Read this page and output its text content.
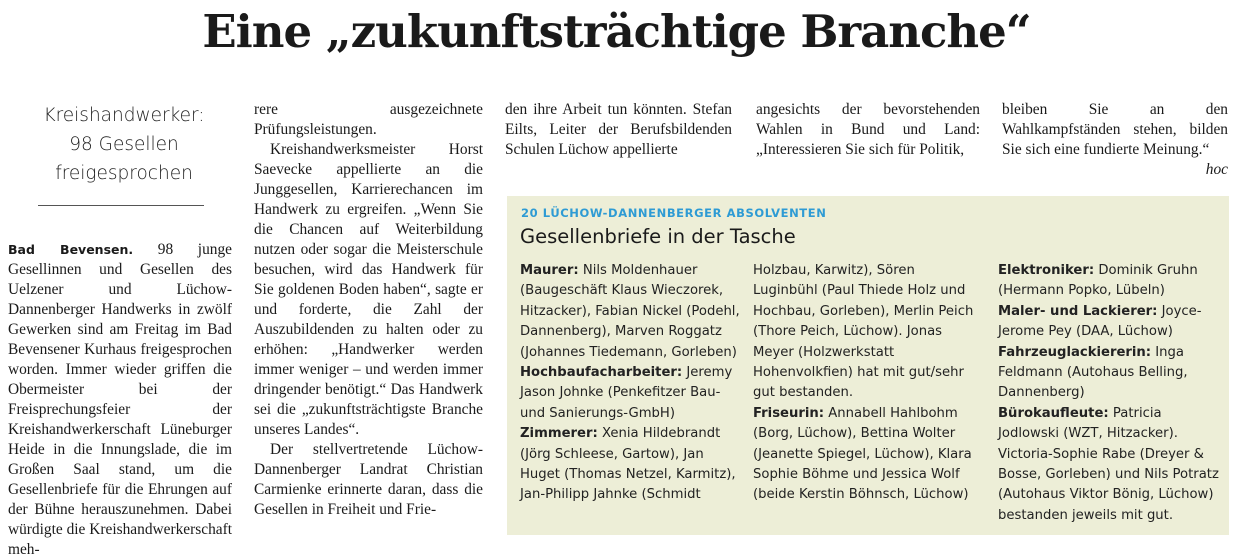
Eine „zukunftsträchtige Branche“
Kreishandwerker:
98 Gesellen
freigesprochen

Bad Bevensen. 98 junge Gesellinnen und Gesellen des Uelzener und Lüchow-Dannenberger Handwerks in zwölf Gewerken sind am Freitag im Bad Bevensener Kurhaus freigesprochen worden. Immer wieder griffen die Obermeister bei der Freisprechungsfeier der Kreishandwerkerschaft Lüneburger Heide in die Innungslade, die im Großen Saal stand, um die Gesellenbriefe für die Ehrungen auf der Bühne herauszunehmen. Dabei würdigte die Kreishandwerkerschaft meh-

rere ausgezeichnete Prüfungsleistungen.

Kreishandwerksmeister Horst Saevecke appellierte an die Junggesellen, Karrierechancen im Handwerk zu ergreifen. „Wenn Sie die Chancen auf Weiterbildung nutzen oder sogar die Meisterschule besuchen, wird das Handwerk für Sie goldenen Boden haben“, sagte er und forderte, die Zahl der Auszubildenden zu halten oder zu erhöhen: „Handwerker werden immer weniger – und werden immer dringender benötigt.“ Das Handwerk sei die „zukunftsträchtigste Branche unseres Landes“.

Der stellvertretende Lüchow-Dannenberger Landrat Christian Carmienke erinnerte daran, dass die Gesellen in Freiheit und Frie-

den ihre Arbeit tun könnten. Stefan Eilts, Leiter der Berufsbildenden Schulen Lüchow appellierte

angesichts der bevorstehenden Wahlen in Bund und Land: „Interessieren Sie sich für Politik,

bleiben Sie an den Wahlkampfständen stehen, bilden Sie sich eine fundierte Meinung.“
hoc

20 LÜCHOW-DANNENBERGER ABSOLVENTEN
Gesellenbriefe in der Tasche

Maurer: Nils Moldenhauer (Baugeschäft Klaus Wieczorek, Hitzacker), Fabian Nickel (Podehl, Dannenberg), Marven Roggatz (Johannes Tiedemann, Gorleben)

Hochbaufacharbeiter: Jeremy Jason Johnke (Penkefitzer Bau- und Sanierungs-GmbH)

Zimmerer: Xenia Hildebrandt (Jörg Schleese, Gartow), Jan Huget (Thomas Netzel, Karmitz), Jan-Philipp Jahnke (Schmidt

Holzbau, Karwitz), Sören Luginbühl (Paul Thiede Holz und Hochbau, Gorleben), Merlin Peich (Thore Peich, Lüchow). Jonas Meyer (Holzwerkstatt Hohenvolkfien) hat mit gut/sehr gut bestanden.

Friseurin: Annabell Hahlbohm (Borg, Lüchow), Bettina Wolter (Jeanette Spiegel, Lüchow), Klara Sophie Böhme und Jessica Wolf (beide Kerstin Böhnsch, Lüchow)

Elektroniker: Dominik Gruhn (Hermann Popko, Lübeln)

Maler- und Lackierer: Joyce-Jerome Pey (DAA, Lüchow)

Fahrzeuglackiererin: Inga Feldmann (Autohaus Belling, Dannenberg)

Bürokaufleute: Patricia Jodlowski (WZT, Hitzacker). Victoria-Sophie Rabe (Dreyer & Bosse, Gorleben) und Nils Potratz (Autohaus Viktor Bönig, Lüchow) bestanden jeweils mit gut.
